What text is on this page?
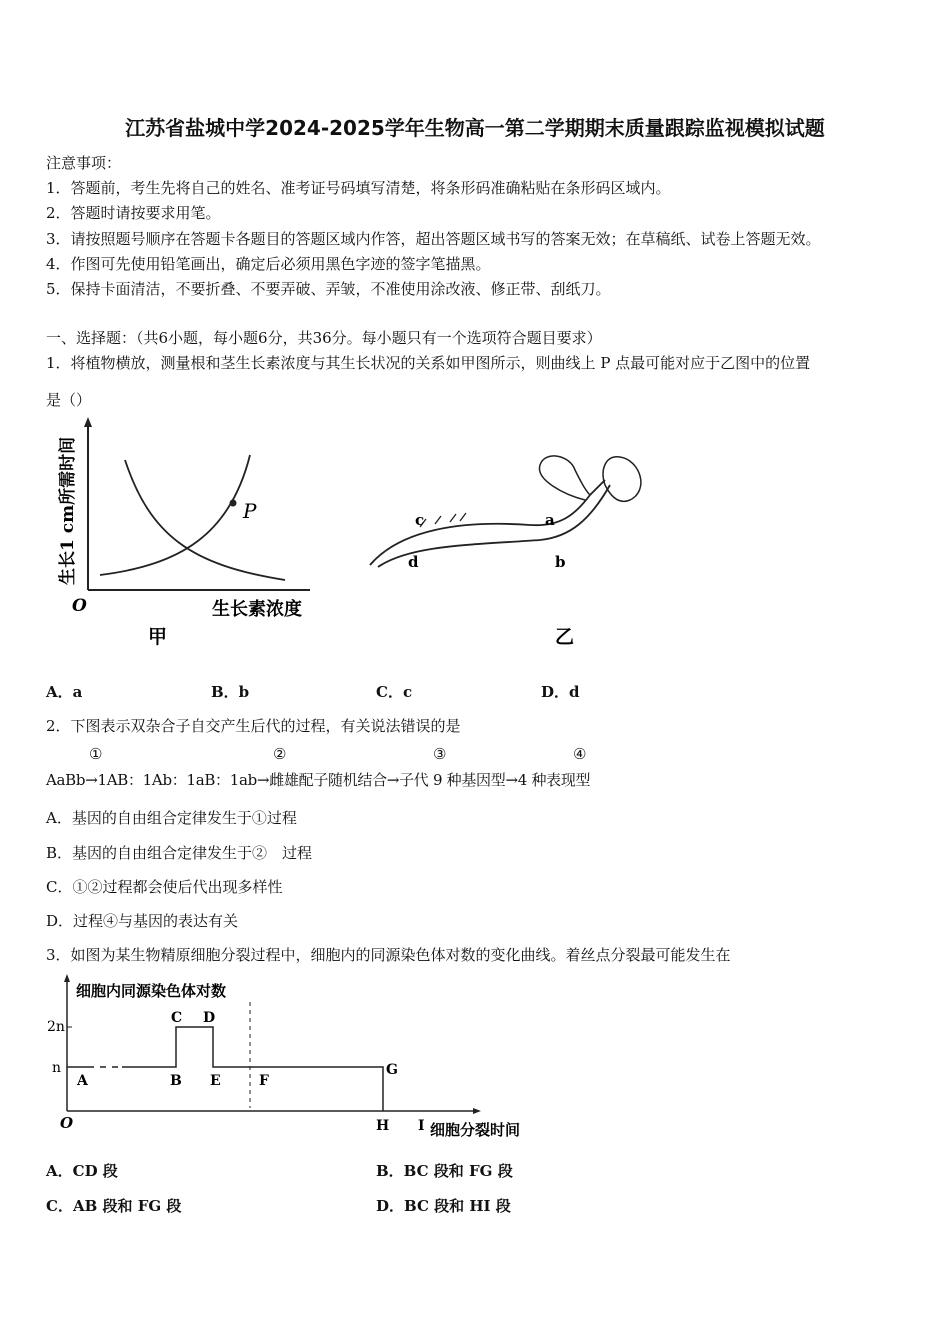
江苏省盐城中学2024-2025学年生物高一第二学期期末质量跟踪监视模拟试题
注意事项：
1．答题前，考生先将自己的姓名、准考证号码填写清楚，将条形码准确粘贴在条形码区域内。
2．答题时请按要求用笔。
3．请按照题号顺序在答题卡各题目的答题区域内作答，超出答题区域书写的答案无效；在草稿纸、试卷上答题无效。
4．作图可先使用铅笔画出，确定后必须用黑色字迹的签字笔描黑。
5．保持卡面清洁，不要折叠、不要弄破、弄皱，不准使用涂改液、修正带、刮纸刀。
一、选择题：（共6小题，每小题6分，共36分。每小题只有一个选项符合题目要求）
1．将植物横放，测量根和茎生长素浓度与其生长状况的关系如甲图所示，则曲线上 P 点最可能对应于乙图中的位置
是（）
P
O	生长素浓度
生长1 cm所需时间
甲
c
d
a
b
乙
A．a	B．b	C．c	D．d
2．下图表示双杂合子自交产生后代的过程，有关说法错误的是
①	②	③	④
AaBb→1AB：1Ab：1aB：1ab→雌雄配子随机结合→子代 9 种基因型→4 种表现型
A．基因的自由组合定律发生于①过程
B．基因的自由组合定律发生于②　过程
C．①②过程都会使后代出现多样性
D．过程④与基因的表达有关
3．如图为某生物精原细胞分裂过程中，细胞内的同源染色体对数的变化曲线。着丝点分裂最可能发生在
细胞内同源染色体对数
2n
n
O
A	B
C D
E	F
G
H I 细胞分裂时间
A．CD 段	B．BC 段和 FG 段
C．AB 段和 FG 段	D．BC 段和 HI 段
